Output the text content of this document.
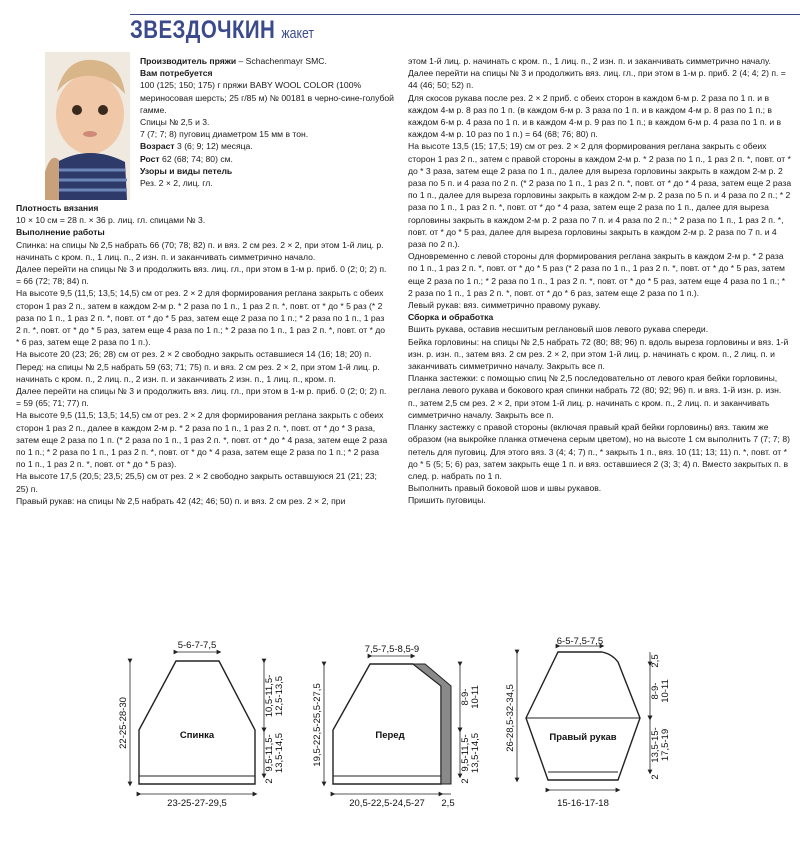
ЗВЕЗДОЧКИН жакет

Производитель пряжи – Schachenmayr SMC.

Вам потребуется

100 (125; 150; 175) г пряжи BABY WOOL COLOR (100% мериносовая шерсть; 25 г/85 м) № 00181 в черно-сине-голубой гамме.

Спицы № 2,5 и 3.

7 (7; 7; 8) пуговиц диаметром 15 мм в тон.

Возраст 3 (6; 9; 12) месяца.

Рост 62 (68; 74; 80) см.

Узоры и виды петель

Рез. 2 × 2, лиц. гл.

Плотность вязания

10 × 10 см = 28 п. × 36 р. лиц. гл. спицами № 3.

Выполнение работы

Спинка: на спицы № 2,5 набрать 66 (70; 78; 82) п. и вяз. 2 см рез. 2 × 2, при этом 1-й лиц. р. начинать с кром. п., 1 лиц. п., 2 изн. п. и заканчивать симметрично начало.

Далее перейти на спицы № 3 и продолжить вяз. лиц. гл., при этом в 1-м р. приб. 0 (2; 0; 2) п. = 66 (72; 78; 84) п.

На высоте 9,5 (11,5; 13,5; 14,5) см от рез. 2 × 2 для формирования реглана закрыть с обеих сторон 1 раз 2 п., затем в каждом 2-м р. * 2 раза по 1 п., 1 раз 2 п. *, повт. от * до * 5 раз (* 2 раза по 1 п., 1 раз 2 п. *, повт. от * до * 5 раз, затем еще 2 раза по 1 п.; * 2 раза по 1 п., 1 раз 2 п. *, повт. от * до * 5 раз, затем еще 4 раза по 1 п.; * 2 раза по 1 п., 1 раз 2 п. *, повт. от * до * 6 раз, затем еще 2 раза по 1 п.).

На высоте 20 (23; 26; 28) см от рез. 2 × 2 свободно закрыть оставшиеся 14 (16; 18; 20) п.

Перед: на спицы № 2,5 набрать 59 (63; 71; 75) п. и вяз. 2 см рез. 2 × 2, при этом 1-й лиц. р. начинать с кром. п., 2 лиц. п., 2 изн. п. и заканчивать 2 изн. п., 1 лиц. п., кром. п.

Далее перейти на спицы № 3 и продолжить вяз. лиц. гл., при этом в 1-м р. приб. 0 (2; 0; 2) п. = 59 (65; 71; 77) п.

На высоте 9,5 (11,5; 13,5; 14,5) см от рез. 2 × 2 для формирования реглана закрыть с обеих сторон 1 раз 2 п., далее в каждом 2-м р. * 2 раза по 1 п., 1 раз 2 п. *, повт. от * до * 3 раза, затем еще 2 раза по 1 п. (* 2 раза по 1 п., 1 раз 2 п. *, повт. от * до * 4 раза, затем еще 2 раза по 1 п.; * 2 раза по 1 п., 1 раз 2 п. *, повт. от * до * 4 раза, затем еще 2 раза по 1 п.; * 2 раза по 1 п., 1 раз 2 п. *, повт. от * до * 5 раз).

На высоте 17,5 (20,5; 23,5; 25,5) см от рез. 2 × 2 свободно закрыть оставшуюся 21 (21; 23; 25) п.

Правый рукав: на спицы № 2,5 набрать 42 (42; 46; 50) п. и вяз. 2 см рез. 2 × 2, при

этом 1-й лиц. р. начинать с кром. п., 1 лиц. п., 2 изн. п. и заканчивать симметрично началу.

Далее перейти на спицы № 3 и продолжить вяз. лиц. гл., при этом в 1-м р. приб. 2 (4; 4; 2) п. = 44 (46; 50; 52) п.

Для скосов рукава после рез. 2 × 2 приб. с обеих сторон в каждом 6-м р. 2 раза по 1 п. и в каждом 4-м р. 8 раз по 1 п. (в каждом 6-м р. 3 раза по 1 п. и в каждом 4-м р. 8 раз по 1 п.; в каждом 6-м р. 4 раза по 1 п. и в каждом 4-м р. 9 раз по 1 п.; в каждом 6-м р. 4 раза по 1 п. и в каждом 4-м р. 10 раз по 1 п.) = 64 (68; 76; 80) п.

На высоте 13,5 (15; 17,5; 19) см от рез. 2 × 2 для формирования реглана закрыть с обеих сторон 1 раз 2 п., затем с правой стороны в каждом 2-м р. * 2 раза по 1 п., 1 раз 2 п. *, повт. от * до * 3 раза, затем еще 2 раза по 1 п., далее для выреза горловины закрыть в каждом 2-м р. 2 раза по 5 п. и 4 раза по 2 п. (* 2 раза по 1 п., 1 раз 2 п. *, повт. от * до * 4 раза, затем еще 2 раза по 1 п., далее для выреза горловины закрыть в каждом 2-м р. 2 раза по 5 п. и 4 раза по 2 п.; * 2 раза по 1 п., 1 раз 2 п. *, повт. от * до * 4 раза, затем еще 2 раза по 1 п., далее для выреза горловины закрыть в каждом 2-м р. 2 раза по 7 п. и 4 раза по 2 п.; * 2 раза по 1 п., 1 раз 2 п. *, повт. от * до * 5 раз, далее для выреза горловины закрыть в каждом 2-м р. 2 раза по 7 п. и 4 раза по 2 п.).

Одновременно с левой стороны для формирования реглана закрыть в каждом 2-м р. * 2 раза по 1 п., 1 раз 2 п. *, повт. от * до * 5 раз (* 2 раза по 1 п., 1 раз 2 п. *, повт. от * до * 5 раз, затем еще 2 раза по 1 п.; * 2 раза по 1 п., 1 раз 2 п. *, повт. от * до * 5 раз, затем еще 4 раза по 1 п.; * 2 раза по 1 п., 1 раз 2 п. *, повт. от * до * 6 раз, затем еще 2 раза по 1 п.).

Левый рукав: вяз. симметрично правому рукаву.

Сборка и обработка

Вшить рукава, оставив несшитым реглановый шов левого рукава спереди.

Бейка горловины: на спицы № 2,5 набрать 72 (80; 88; 96) п. вдоль выреза горловины и вяз. 1-й изн. р. изн. п., затем вяз. 2 см рез. 2 × 2, при этом 1-й лиц. р. начинать с кром. п., 2 лиц. п. и заканчивать симметрично началу. Закрыть все п.

Планка застежки: с помощью спиц № 2,5 последовательно от левого края бейки горловины, реглана левого рукава и бокового края спинки набрать 72 (80; 92; 96) п. и вяз. 1-й изн. р. изн. п., затем 2,5 см рез. 2 × 2, при этом 1-й лиц. р. начинать с кром. п., 2 лиц. п. и заканчивать симметрично началу. Закрыть все п.

Планку застежку с правой стороны (включая правый край бейки горловины) вяз. таким же образом (на выкройке планка отмечена серым цветом), но на высоте 1 см выполнить 7 (7; 7; 8) петель для пуговиц. Для этого вяз. 3 (4; 4; 7) п., * закрыть 1 п., вяз. 10 (11; 13; 11) п. *, повт. от * до * 5 (5; 5; 6) раз, затем закрыть еще 1 п. и вяз. оставшиеся 2 (3; 3; 4) п. Вместо закрытых п. в след. р. набрать по 1 п.

Выполнить правый боковой шов и швы рукавов.

Пришить пуговицы.

5-6-7-7,5
23-25-27-29,5
22-25-28-30
10,5-11,5- 12,5-13,5
9,5-11,5- 13,5-14,5
2
Спинка
7,5-7,5-8,5-9
20,5-22,5-24,5-27 2,5
19,5-22,5-25,5-27,5	8-9- 10-11
9,5-11,5- 13,5-14,5
2
Перед
6-5-7,5-7,5
15-16-17-18
26-28,5-32-34,5
2,5
8-9- 10-11
13,5-15- 17,5-19
2
Правый рукав
